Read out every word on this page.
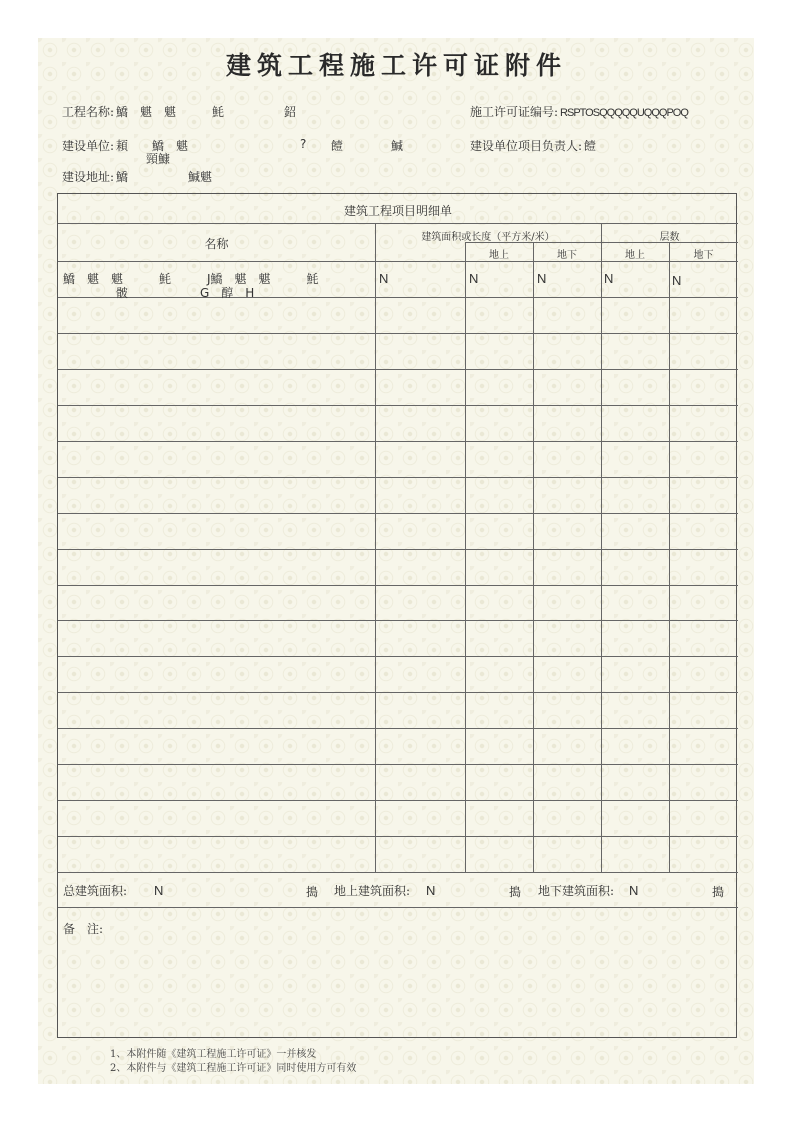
建筑工程施工许可证附件
工程名称: 鱎　魌　魌　　　魹　　　　　鉊	施工许可证编号: RSPTOSQQQQQUQQQPOQ
建设单位: 頛　　鱎　魌
頸鱇
? 饐	鰔	建设单位项目负责人: 饐
建设地址: 鱎　　　　　鰔魌
建筑工程项目明细单
名称	建筑面积或长度（平方米/米）	层数
地上	地下	地上	地下
鱎　魌　魌　　　魹　　　J鱎　魌　魌　　　魹
骳　　　　　　G　醇　H
N	N	N	N	N
总建筑面积: N	搗 地上建筑面积: N	搗 地下建筑面积: N	搗
备　注:
1、本附件随《建筑工程施工许可证》一并核发
2、本附件与《建筑工程施工许可证》同时使用方可有效
